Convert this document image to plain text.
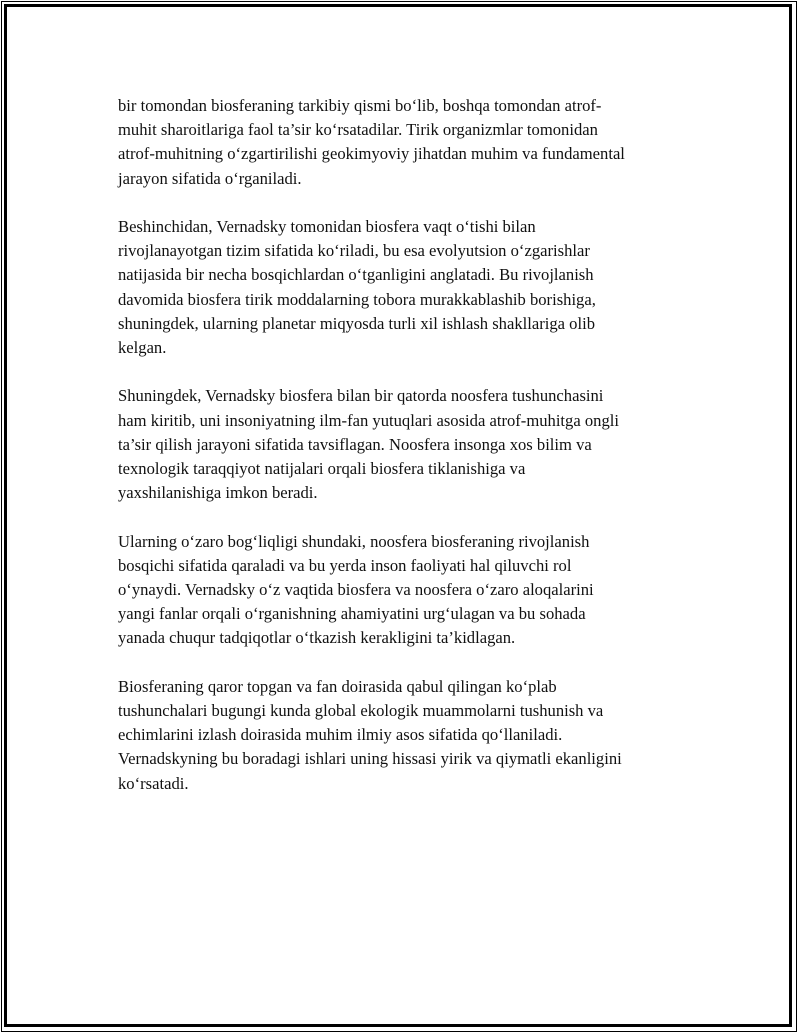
bir tomondan biosferaning tarkibiy qismi bo‘lib, boshqa tomondan atrof-
muhit sharoitlariga faol ta’sir ko‘rsatadilar. Tirik organizmlar tomonidan
atrof-muhitning o‘zgartirilishi geokimyoviy jihatdan muhim va fundamental
jarayon sifatida o‘rganiladi.

Beshinchidan, Vernadsky tomonidan biosfera vaqt o‘tishi bilan
rivojlanayotgan tizim sifatida ko‘riladi, bu esa evolyutsion o‘zgarishlar
natijasida bir necha bosqichlardan o‘tganligini anglatadi. Bu rivojlanish
davomida biosfera tirik moddalarning tobora murakkablashib borishiga,
shuningdek, ularning planetar miqyosda turli xil ishlash shakllariga olib
kelgan.

Shuningdek, Vernadsky biosfera bilan bir qatorda noosfera tushunchasini
ham kiritib, uni insoniyatning ilm-fan yutuqlari asosida atrof-muhitga ongli
ta’sir qilish jarayoni sifatida tavsiflagan. Noosfera insonga xos bilim va
texnologik taraqqiyot natijalari orqali biosfera tiklanishiga va
yaxshilanishiga imkon beradi.

Ularning o‘zaro bog‘liqligi shundaki, noosfera biosferaning rivojlanish
bosqichi sifatida qaraladi va bu yerda inson faoliyati hal qiluvchi rol
o‘ynaydi. Vernadsky o‘z vaqtida biosfera va noosfera o‘zaro aloqalarini
yangi fanlar orqali o‘rganishning ahamiyatini urg‘ulagan va bu sohada
yanada chuqur tadqiqotlar o‘tkazish kerakligini ta’kidlagan.

Biosferaning qaror topgan va fan doirasida qabul qilingan ko‘plab
tushunchalari bugungi kunda global ekologik muammolarni tushunish va
echimlarini izlash doirasida muhim ilmiy asos sifatida qo‘llaniladi.
Vernadskyning bu boradagi ishlari uning hissasi yirik va qiymatli ekanligini
ko‘rsatadi.
